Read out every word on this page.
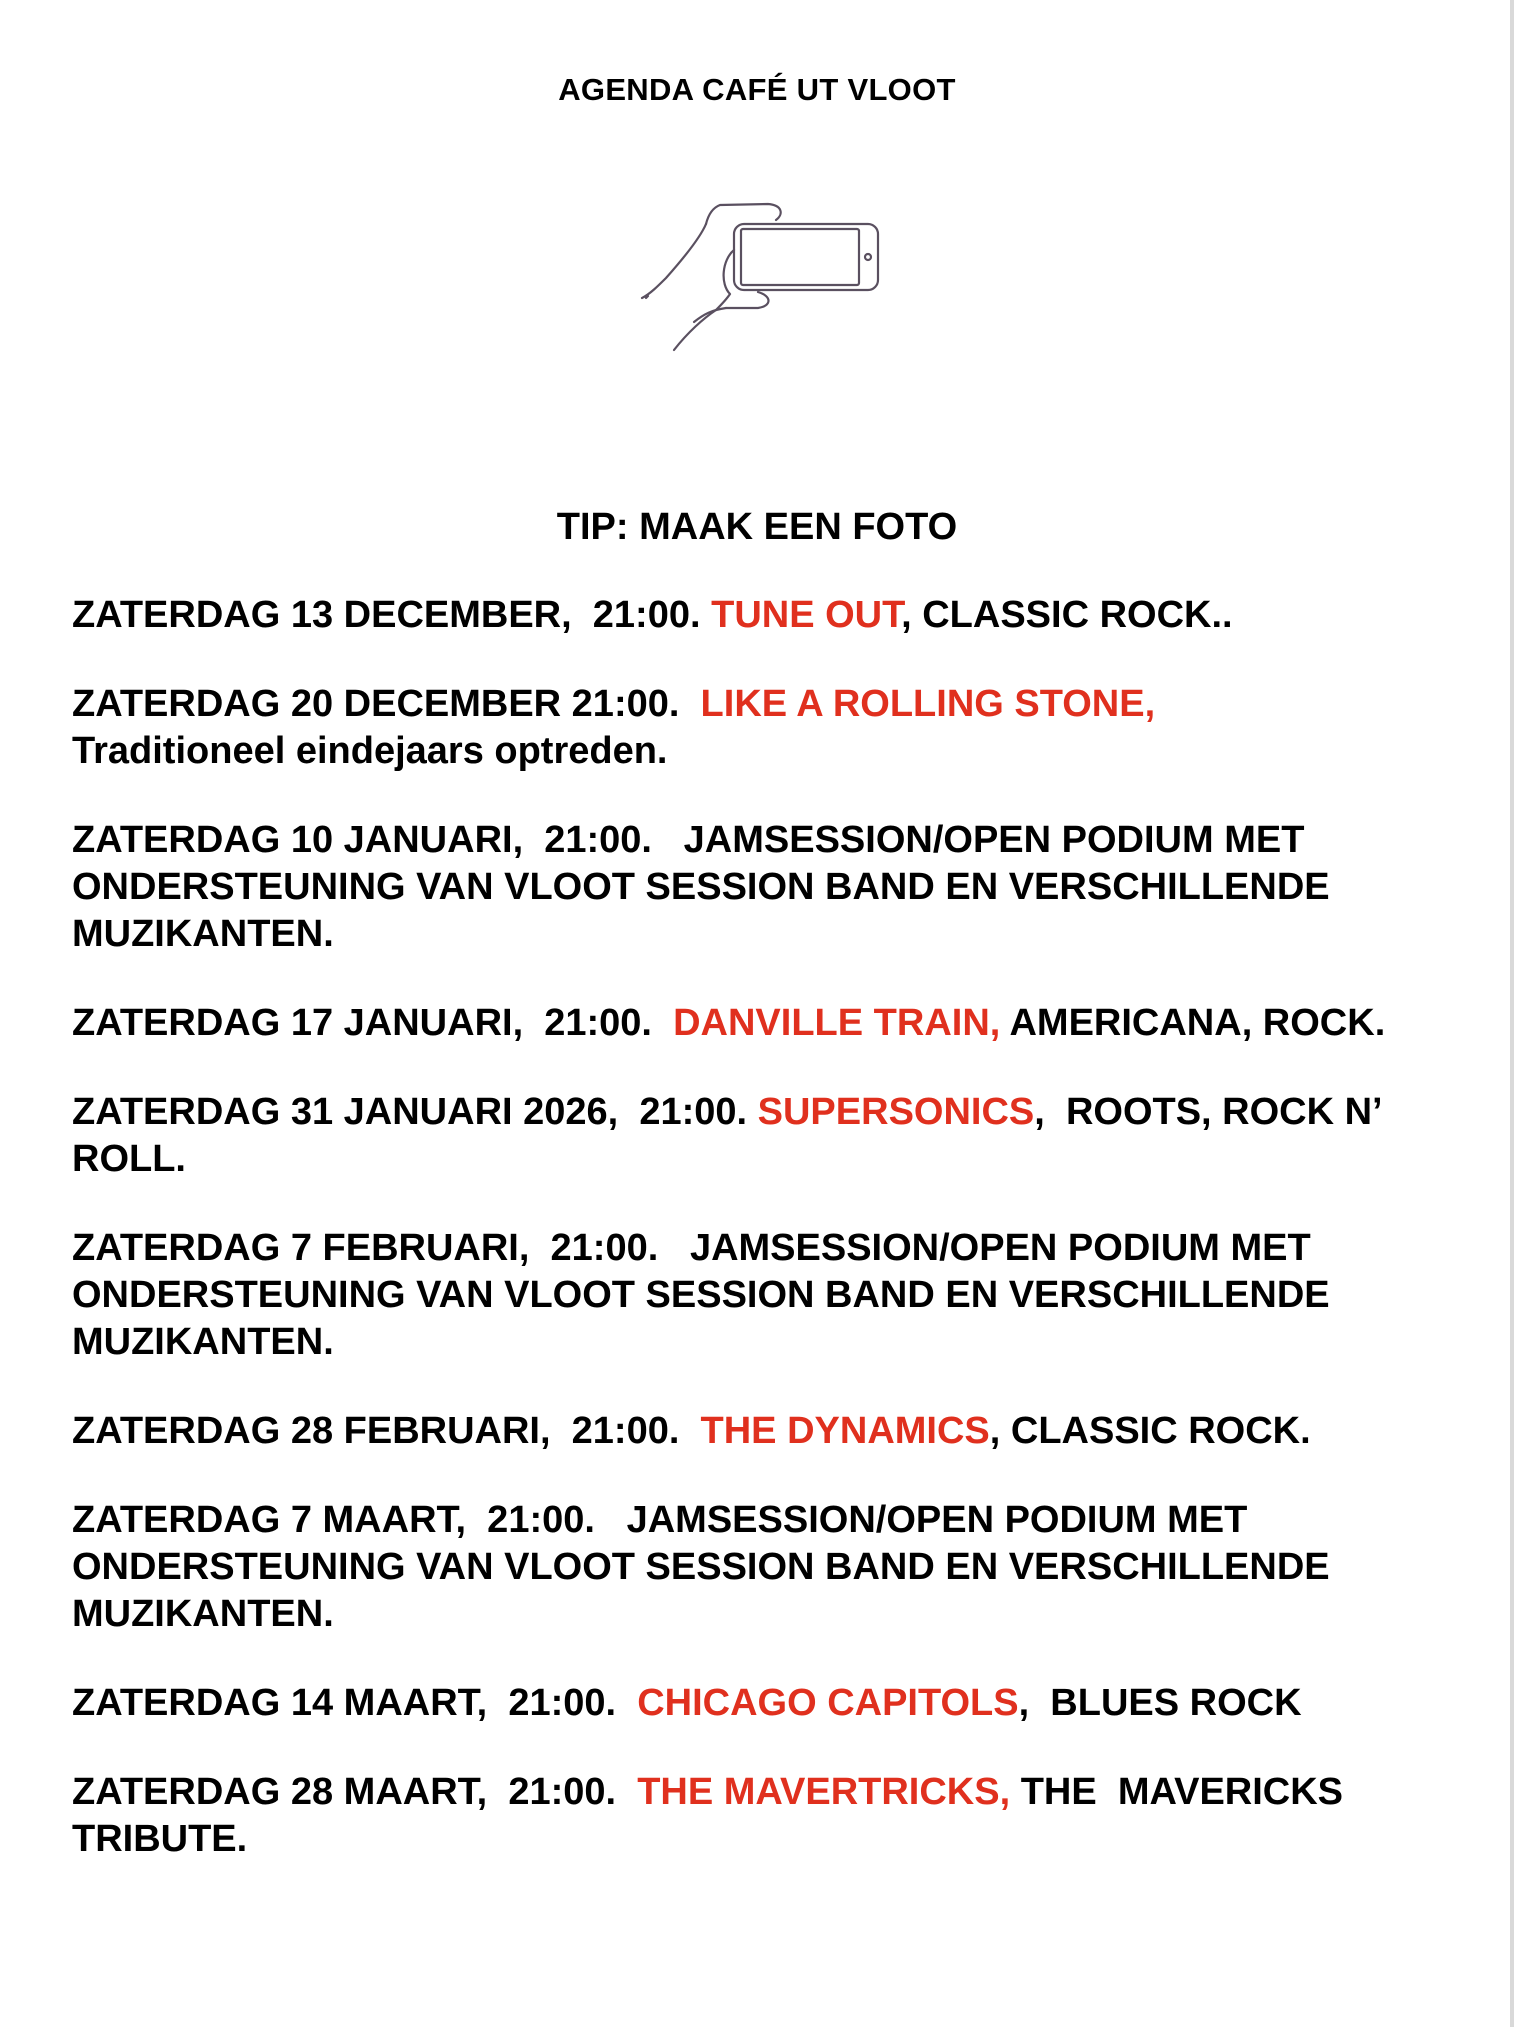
AGENDA CAFÉ UT VLOOT
TIP: MAAK EEN FOTO

ZATERDAG 13 DECEMBER,  21:00. TUNE OUT, CLASSIC ROCK..

ZATERDAG 20 DECEMBER 21:00.  LIKE A ROLLING STONE,
Traditioneel eindejaars optreden.

ZATERDAG 10 JANUARI,  21:00.   JAMSESSION/OPEN PODIUM MET ONDERSTEUNING VAN VLOOT SESSION BAND EN VERSCHILLENDE MUZIKANTEN.

ZATERDAG 17 JANUARI,  21:00.  DANVILLE TRAIN, AMERICANA, ROCK.

ZATERDAG 31 JANUARI 2026,  21:00. SUPERSONICS,  ROOTS, ROCK N’ ROLL.

ZATERDAG 7 FEBRUARI,  21:00.   JAMSESSION/OPEN PODIUM MET ONDERSTEUNING VAN VLOOT SESSION BAND EN VERSCHILLENDE MUZIKANTEN.

ZATERDAG 28 FEBRUARI,  21:00.  THE DYNAMICS, CLASSIC ROCK.

ZATERDAG 7 MAART,  21:00.   JAMSESSION/OPEN PODIUM MET ONDERSTEUNING VAN VLOOT SESSION BAND EN VERSCHILLENDE MUZIKANTEN.

ZATERDAG 14 MAART,  21:00.  CHICAGO CAPITOLS,  BLUES ROCK

ZATERDAG 28 MAART,  21:00.  THE MAVERTRICKS, THE  MAVERICKS TRIBUTE.
